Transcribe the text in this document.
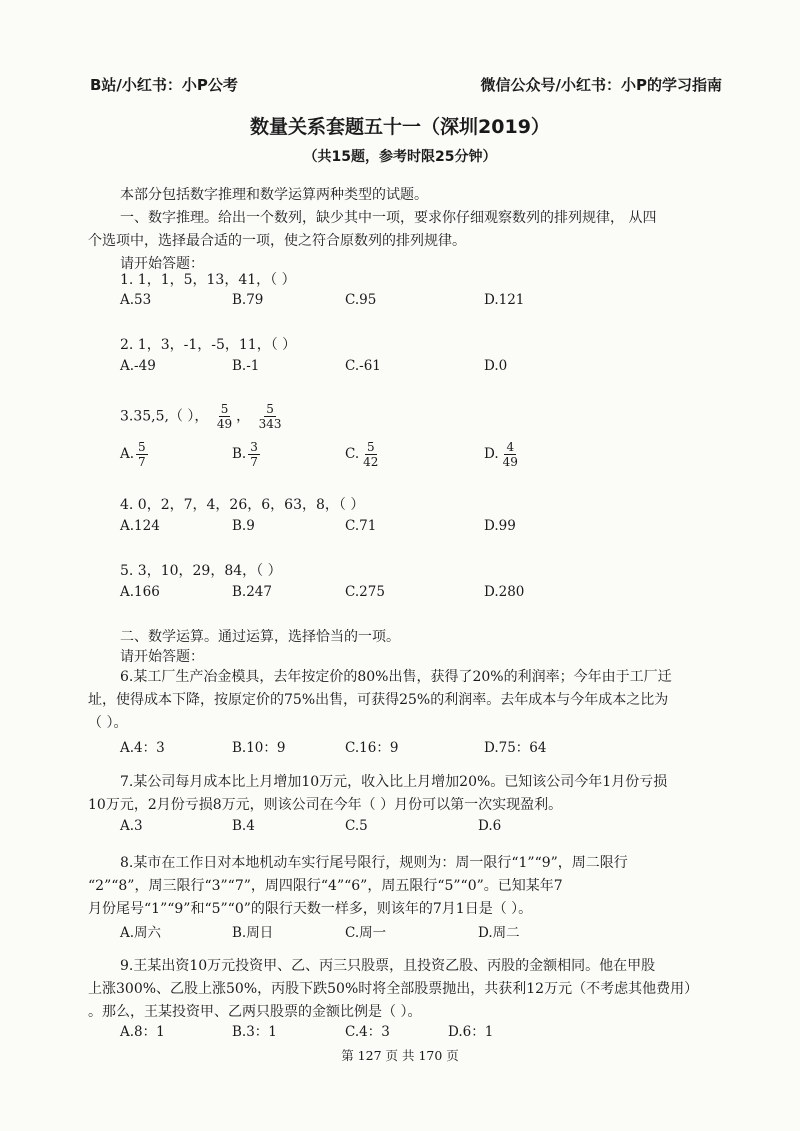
B站/小红书：小P公考	微信公众号/小红书：小P的学习指南
数量关系套题五十一（深圳2019）
（共15题，参考时限25分钟）
本部分包括数字推理和数学运算两种类型的试题。
一、数字推理。给出一个数列，缺少其中一项，要求你仔细观察数列的排列规律， 从四
个选项中，选择最合适的一项，使之符合原数列的排列规律。
请开始答题：
1. 1，1，5，13，41，（ ）
A.53	B.79	C.95	D.121
2. 1，3，-1，-5，11，（ ）
A.-49	B.-1	C.-61	D.0
3.35,5,（ ）， $\frac{5}{49}$ ， $\frac{5}{343}$
A. $\frac{5}{7}$	B. $\frac{3}{7}$	C. $\frac{5}{42}$	D. $\frac{4}{49}$
4. 0，2，7，4，26，6，63，8，（ ）
A.124	B.9	C.71	D.99
5. 3，10，29，84，（ ）
A.166	B.247	C.275	D.280
二、数学运算。通过运算，选择恰当的一项。
请开始答题：
6.某工厂生产冶金模具，去年按定价的80%出售，获得了20%的利润率；今年由于工厂迁
址，使得成本下降，按原定价的75%出售，可获得25%的利润率。去年成本与今年成本之比为
（ ）。
A.4：3	B.10：9	C.16：9	D.75：64
7.某公司每月成本比上月增加10万元，收入比上月增加20%。已知该公司今年1月份亏损
10万元，2月份亏损8万元，则该公司在今年（ ）月份可以第一次实现盈利。
A.3	B.4	C.5	D.6
8.某市在工作日对本地机动车实行尾号限行，规则为：周一限行“1”“9”，周二限行
“2”“8”，周三限行“3”“7”，周四限行“4”“6”，周五限行“5”“0”。已知某年7
月份尾号“1”“9”和“5”“0”的限行天数一样多，则该年的7月1日是（ ）。
A.周六	B.周日	C.周一	D.周二
9.王某出资10万元投资甲、乙、丙三只股票，且投资乙股、丙股的金额相同。他在甲股
上涨300%、乙股上涨50%，丙股下跌50%时将全部股票抛出，共获利12万元（不考虑其他费用）
。那么，王某投资甲、乙两只股票的金额比例是（ ）。
A.8：1	B.3：1	C.4：3	D.6：1
第 127 页 共 170 页
